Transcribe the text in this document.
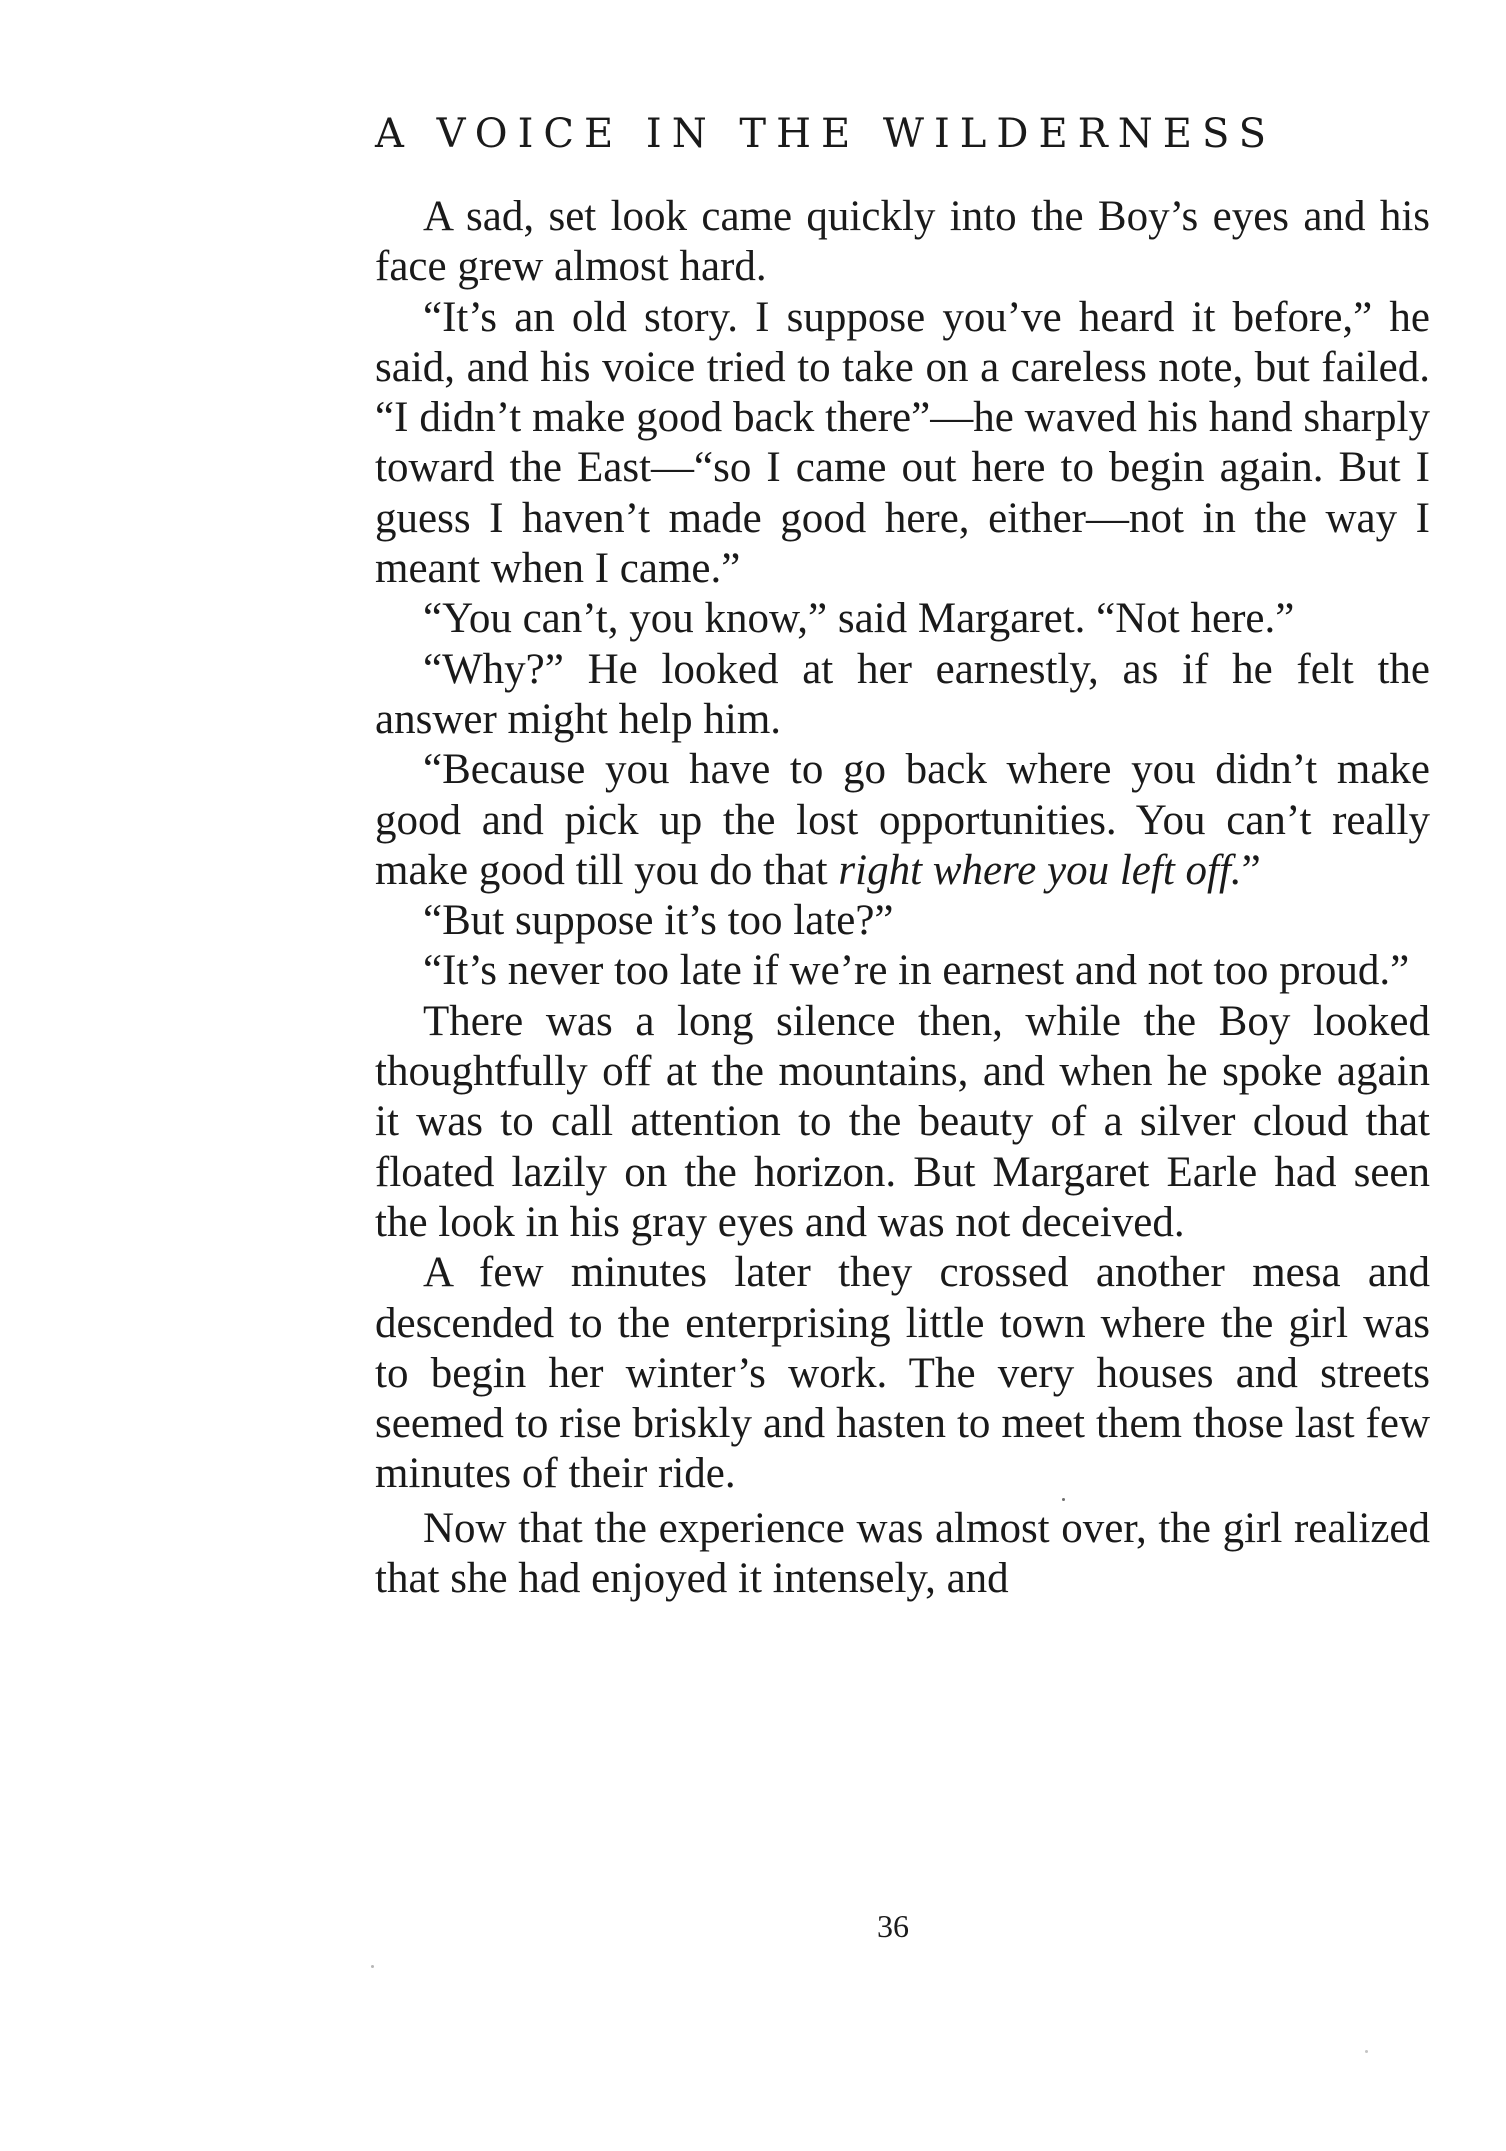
A VOICE IN THE WILDERNESS

A sad, set look came quickly into the Boy’s eyes and his face grew almost hard.

“It’s an old story. I suppose you’ve heard it before,” he said, and his voice tried to take on a careless note, but failed. “I didn’t make good back there”—he waved his hand sharply toward the East—“so I came out here to begin again. But I guess I haven’t made good here, either—not in the way I meant when I came.”

“You can’t, you know,” said Margaret. “Not here.”

“Why?” He looked at her earnestly, as if he felt the answer might help him.

“Because you have to go back where you didn’t make good and pick up the lost opportunities. You can’t really make good till you do that right where you left off.”

“But suppose it’s too late?”

“It’s never too late if we’re in earnest and not too proud.”

There was a long silence then, while the Boy looked thoughtfully off at the mountains, and when he spoke again it was to call attention to the beauty of a silver cloud that floated lazily on the horizon. But Margaret Earle had seen the look in his gray eyes and was not deceived.

A few minutes later they crossed another mesa and descended to the enterprising little town where the girl was to begin her winter’s work. The very houses and streets seemed to rise briskly and hasten to meet them those last few minutes of their ride.

Now that the experience was almost over, the girl realized that she had enjoyed it intensely, and

36
